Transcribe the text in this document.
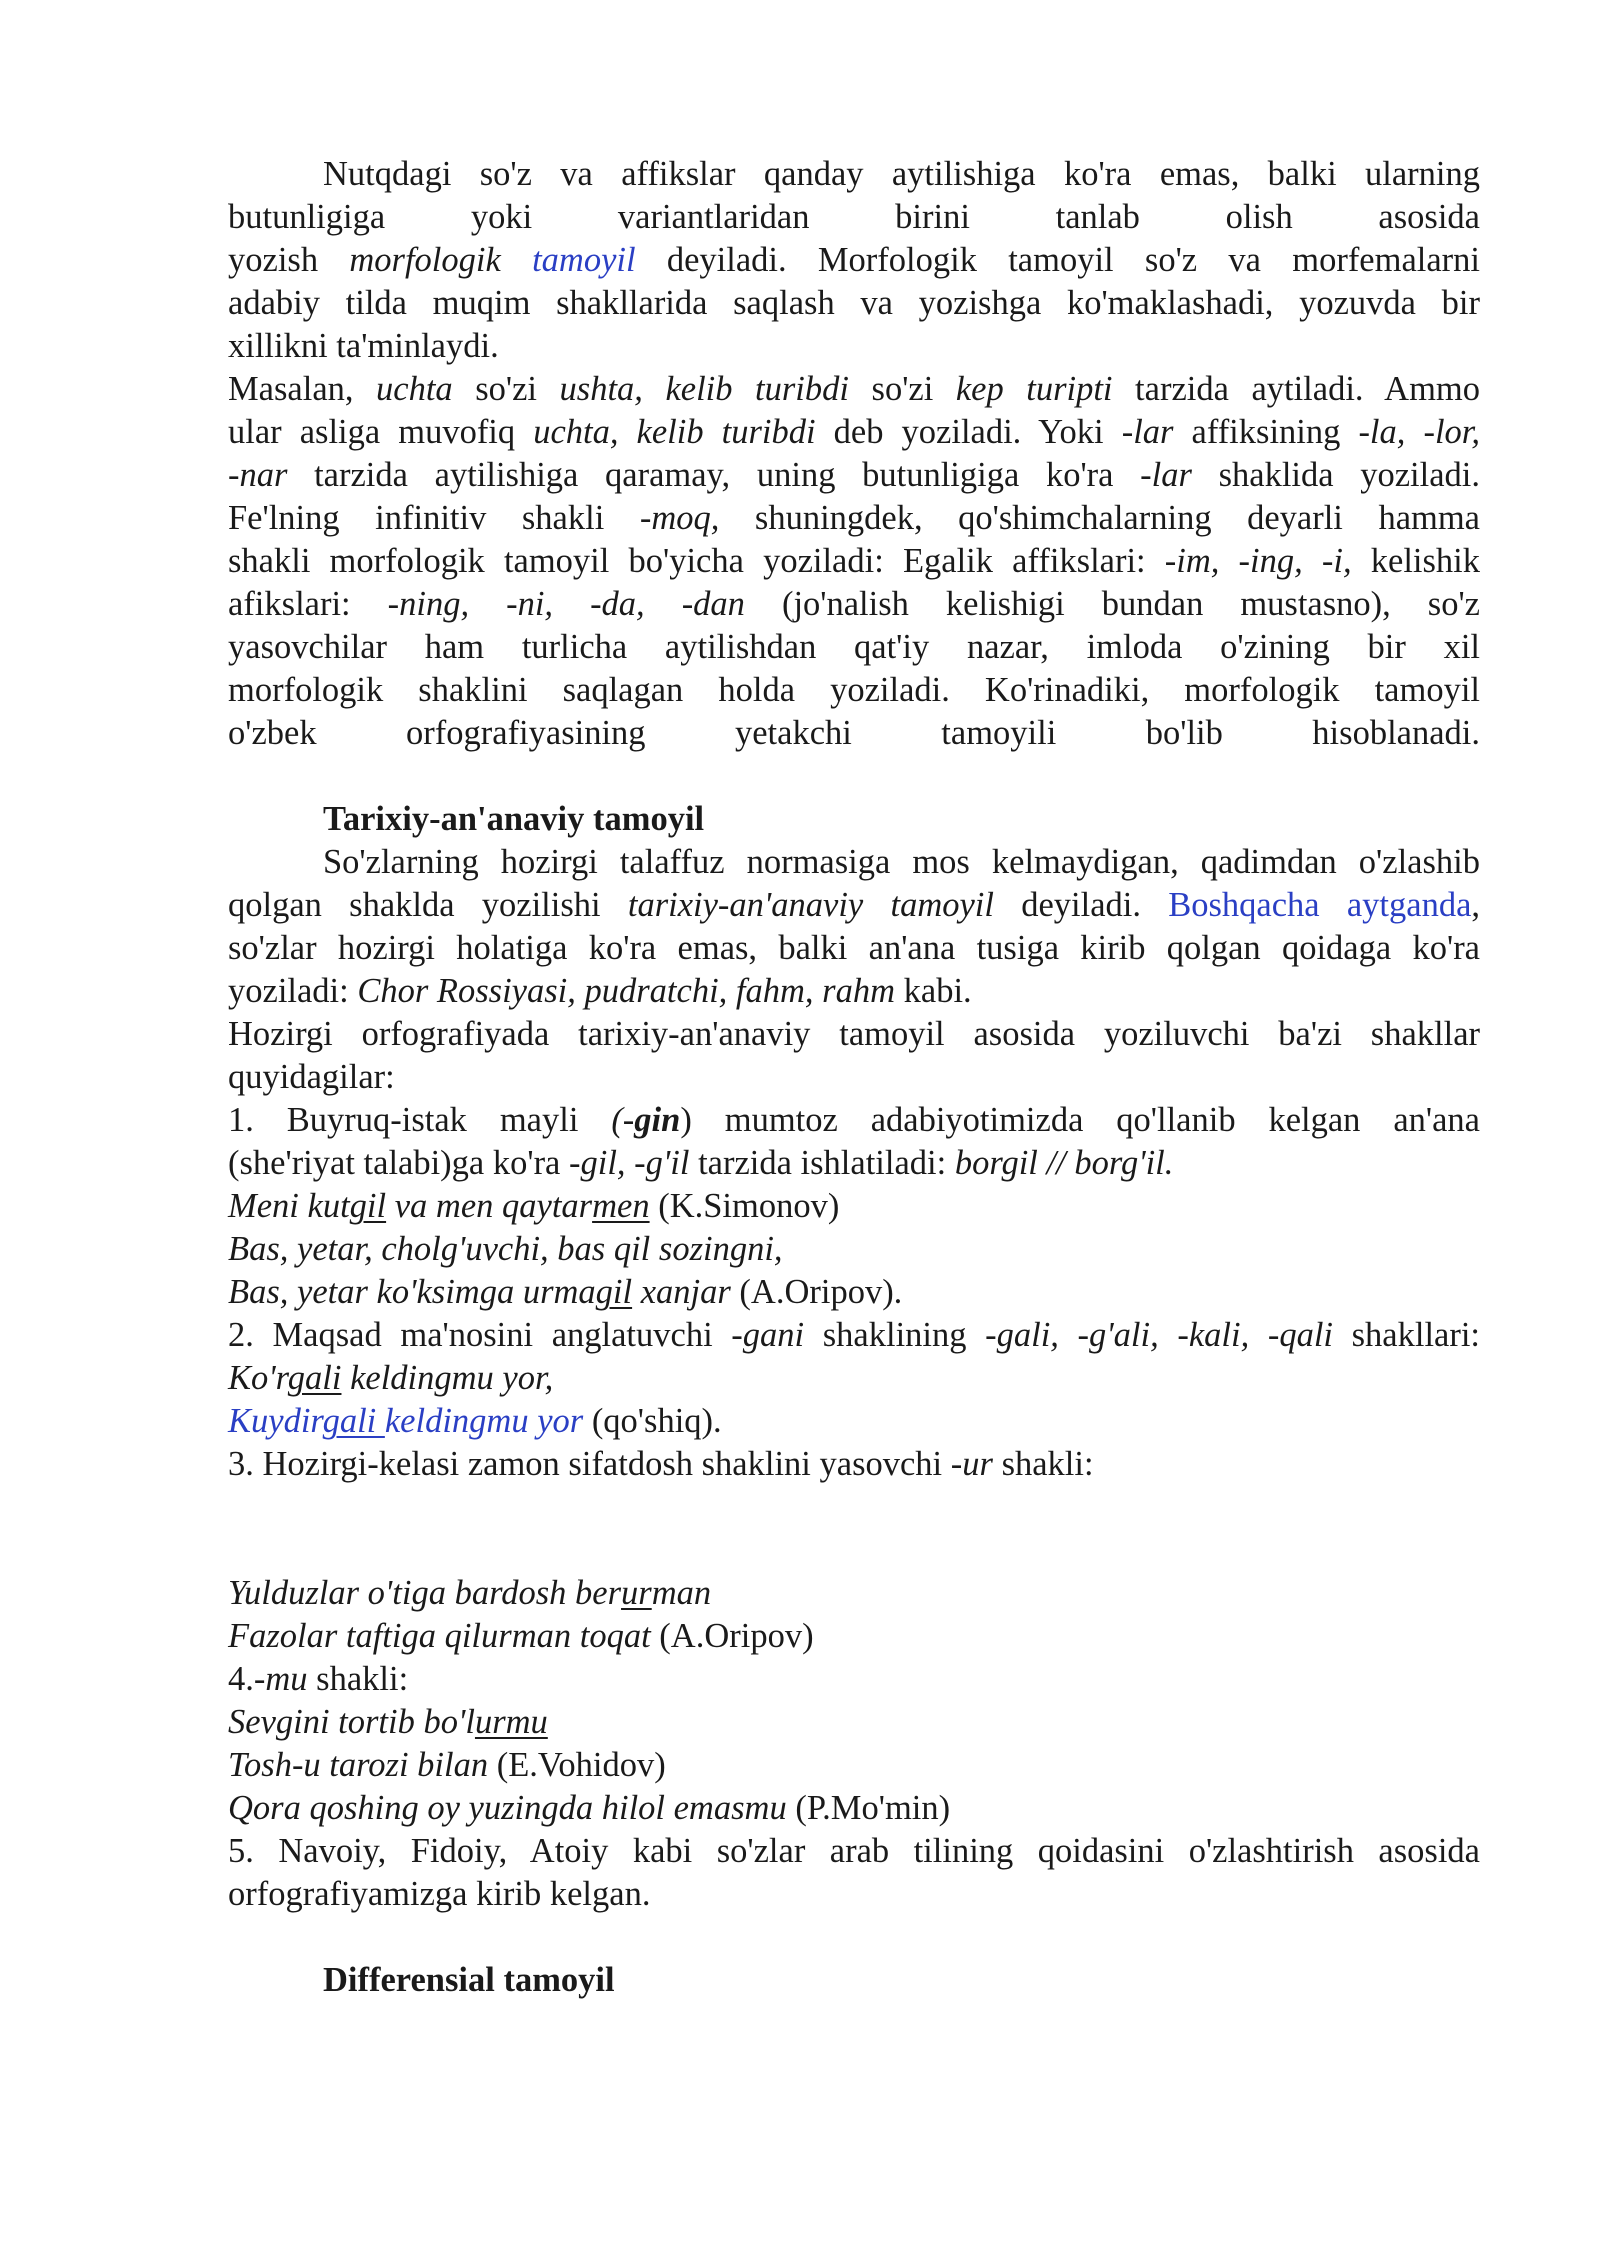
Nutqdagi so'z va affikslar qanday aytilishiga ko'ra emas, balki ularning
butunligiga yoki variantlaridan birini tanlab olish asosida
yozish morfologik tamoyil deyiladi. Morfologik tamoyil so'z va morfemalarni
adabiy tilda muqim shakllarida saqlash va yozishga ko'maklashadi, yozuvda bir
xillikni ta'minlaydi.
Masalan, uchta so'zi ushta, kelib turibdi so'zi kep turipti tarzida aytiladi. Ammo
ular asliga muvofiq uchta, kelib turibdi deb yoziladi. Yoki -lar affiksining -la, -lor,
-nar tarzida aytilishiga qaramay, uning butunligiga ko'ra -lar shaklida yoziladi.
Fe'lning infinitiv shakli -moq, shuningdek, qo'shimchalarning deyarli hamma
shakli morfologik tamoyil bo'yicha yoziladi: Egalik affikslari: -im, -ing, -i, kelishik
afikslari: -ning, -ni, -da, -dan (jo'nalish kelishigi bundan mustasno), so'z
yasovchilar ham turlicha aytilishdan qat'iy nazar, imloda o'zining bir xil
morfologik shaklini saqlagan holda yoziladi. Ko'rinadiki, morfologik tamoyil
o'zbek orfografiyasining yetakchi tamoyili bo'lib hisoblanadi.
Tarixiy-an'anaviy tamoyil
So'zlarning hozirgi talaffuz normasiga mos kelmaydigan, qadimdan o'zlashib
qolgan shaklda yozilishi tarixiy-an'anaviy tamoyil deyiladi. Boshqacha aytganda,
so'zlar hozirgi holatiga ko'ra emas, balki an'ana tusiga kirib qolgan qoidaga ko'ra
yoziladi: Chor Rossiyasi, pudratchi, fahm, rahm kabi.
Hozirgi orfografiyada tarixiy-an'anaviy tamoyil asosida yoziluvchi ba'zi shakllar
quyidagilar:
1. Buyruq-istak mayli (-gin) mumtoz adabiyotimizda qo'llanib kelgan an'ana
(she'riyat talabi)ga ko'ra -gil, -g'il tarzida ishlatiladi: borgil // borg'il.
Meni kutgil va men qaytarmen (K.Simonov)
Bas, yetar, cholg'uvchi, bas qil sozingni,
Bas, yetar ko'ksimga urmagil xanjar (A.Oripov).
2. Maqsad ma'nosini anglatuvchi -gani shaklining -gali, -g'ali, -kali, -qali shakllari:
Ko'rgali keldingmu yor,
Kuydirgali keldingmu yor (qo'shiq).
3. Hozirgi-kelasi zamon sifatdosh shaklini yasovchi -ur shakli:
Yulduzlar o'tiga bardosh berurman
Fazolar taftiga qilurman toqat (A.Oripov)
4.-mu shakli:
Sevgini tortib bo'lurmu
Tosh-u tarozi bilan (E.Vohidov)
Qora qoshing oy yuzingda hilol emasmu (P.Mo'min)
5. Navoiy, Fidoiy, Atoiy kabi so'zlar arab tilining qoidasini o'zlashtirish asosida
orfografiyamizga kirib kelgan.
Differensial tamoyil
